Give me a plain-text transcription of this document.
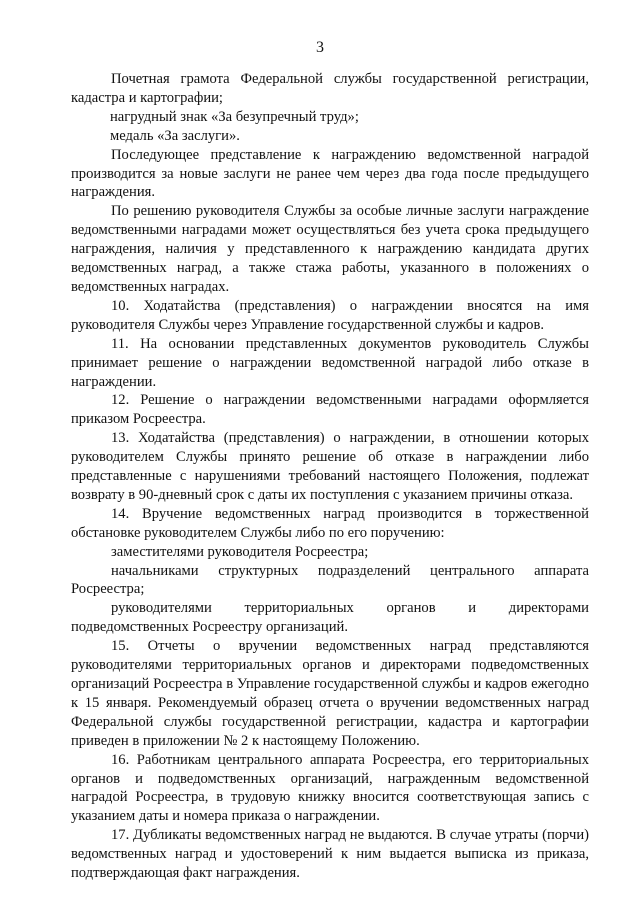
3

Почетная грамота Федеральной службы государственной регистрации, кадастра и картографии;

нагрудный знак «За безупречный труд»;

медаль «За заслуги».

Последующее представление к награждению ведомственной наградой производится за новые заслуги не ранее чем через два года после предыдущего награждения.

По решению руководителя Службы за особые личные заслуги награждение ведомственными наградами может осуществляться без учета срока предыдущего награждения, наличия у представленного к награждению кандидата других ведомственных наград, а также стажа работы, указанного в положениях о ведомственных наградах.

10. Ходатайства (представления) о награждении вносятся на имя руководителя Службы через Управление государственной службы и кадров.

11. На основании представленных документов руководитель Службы принимает решение о награждении ведомственной наградой либо отказе в награждении.

12. Решение о награждении ведомственными наградами оформляется приказом Росреестра.

13. Ходатайства (представления) о награждении, в отношении которых руководителем Службы принято решение об отказе в награждении либо представленные с нарушениями требований настоящего Положения, подлежат возврату в 90-дневный срок с даты их поступления с указанием причины отказа.

14. Вручение ведомственных наград производится в торжественной обстановке руководителем Службы либо по его поручению:

заместителями руководителя Росреестра;

начальниками структурных подразделений центрального аппарата Росреестра;

руководителями территориальных органов и директорами подведомственных Росреестру организаций.

15. Отчеты о вручении ведомственных наград представляются руководителями территориальных органов и директорами подведомственных организаций Росреестра в Управление государственной службы и кадров ежегодно к 15 января. Рекомендуемый образец отчета о вручении ведомственных наград Федеральной службы государственной регистрации, кадастра и картографии приведен в приложении № 2 к настоящему Положению.

16. Работникам центрального аппарата Росреестра, его территориальных органов и подведомственных организаций, награжденным ведомственной наградой Росреестра, в трудовую книжку вносится соответствующая запись с указанием даты и номера приказа о награждении.

17. Дубликаты ведомственных наград не выдаются. В случае утраты (порчи) ведомственных наград и удостоверений к ним выдается выписка из приказа, подтверждающая факт награждения.
